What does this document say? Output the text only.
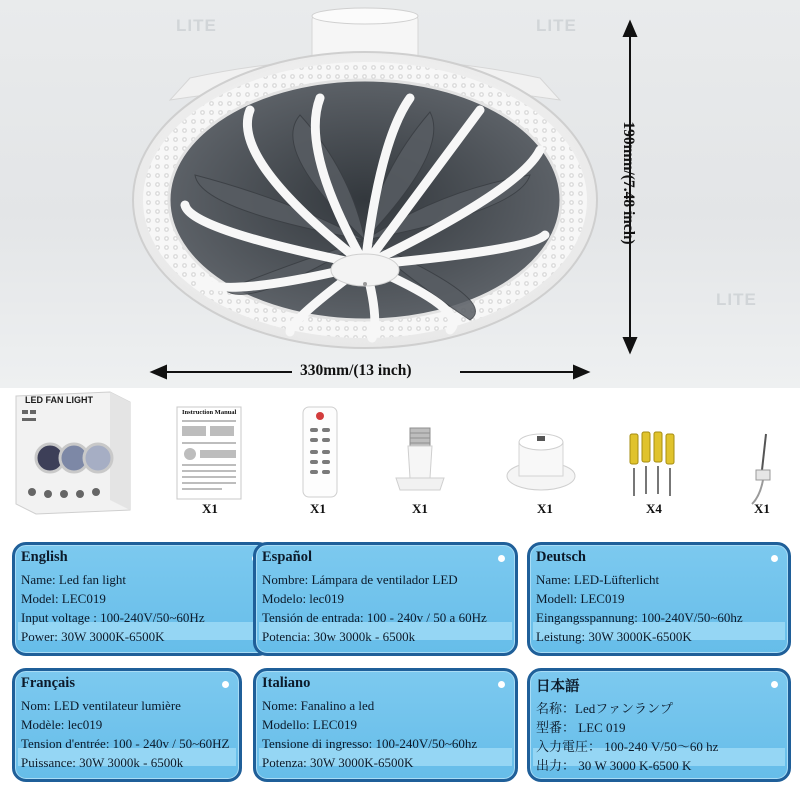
LITE	LITE
LITE
190mm/(7.48 inch)
330mm/(13 inch)
LED FAN LIGHT
Instruction Manual
X1	X1	X1	X1	X4	X1
English
Name: Led fan light
Model: LEC019
Input voltage : 100-240V/50~60Hz
Power: 30W 3000K-6500K
Español
Nombre: Lámpara de ventilador LED
Modelo: lec019
Tensión de entrada: 100 - 240v / 50 a 60Hz
Potencia: 30w 3000k - 6500k
Deutsch
Name: LED-Lüfterlicht
Modell: LEC019
Eingangsspannung: 100-240V/50~60hz
Leistung: 30W 3000K-6500K
Français
Nom: LED ventilateur lumière
Modèle: lec019
Tension d'entrée: 100 - 240v / 50~60HZ
Puissance: 30W 3000k - 6500k
Italiano
Nome: Fanalino a led
Modello: LEC019
Tensione di ingresso: 100-240V/50~60hz
Potenza: 30W 3000K-6500K
日本語
名称：Ledファンランプ
型番： LEC 019
入力電圧： 100-240 V/50～60 hz
出力： 30 W 3000 K-6500 K
